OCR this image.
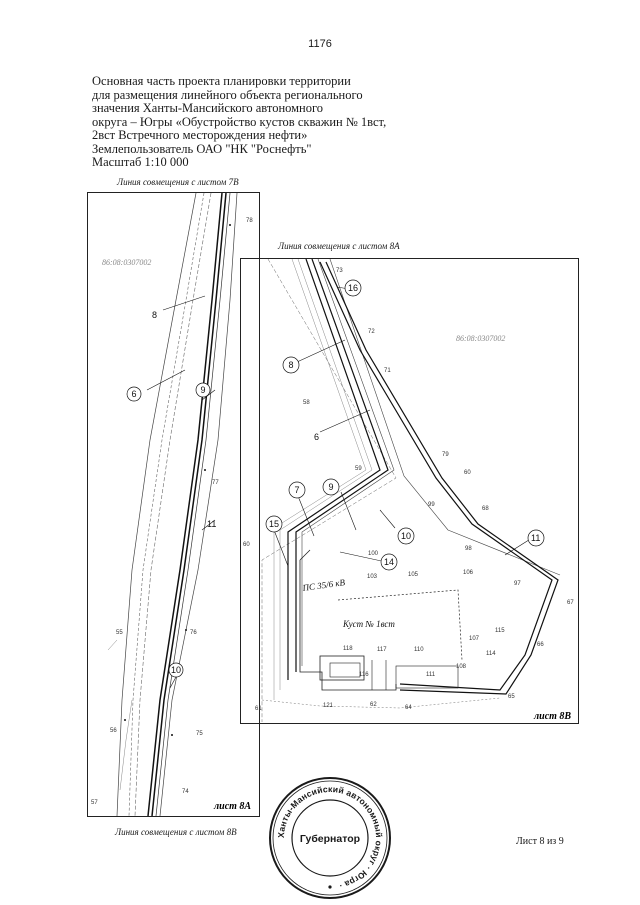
1176
Основная часть проекта планировки территории
для размещения линейного объекта регионального
значения Ханты-Мансийского автономного
округа – Югры «Обустройство кустов скважин № 1вст,
2вст Встречного месторождения нефти»
Землепользователь ОАО "НК "Роснефть"
Масштаб 1:10 000
Линия совмещения с листом 7В
Линия совмещения с листом 8А
Линия совмещения с листом 8В
86:08:0307002
8
6	9
11
10
78
77
76
75
74
57
56
55
лист 8А
86:08:0307002
16
8
6
7	9
10
15
14
11
73
72
71
58
59
79
60
99
68
98
106
100
103	105
97
67
107
115
66
118	117	110
114
108
116	111
65
121	62	64
61
60
ПС 35/6 кВ
Куст № 1вст
лист 8В
Ханты-Мансийский автономный округ · Югра ·
Губернатор	Лист 8 из 9
